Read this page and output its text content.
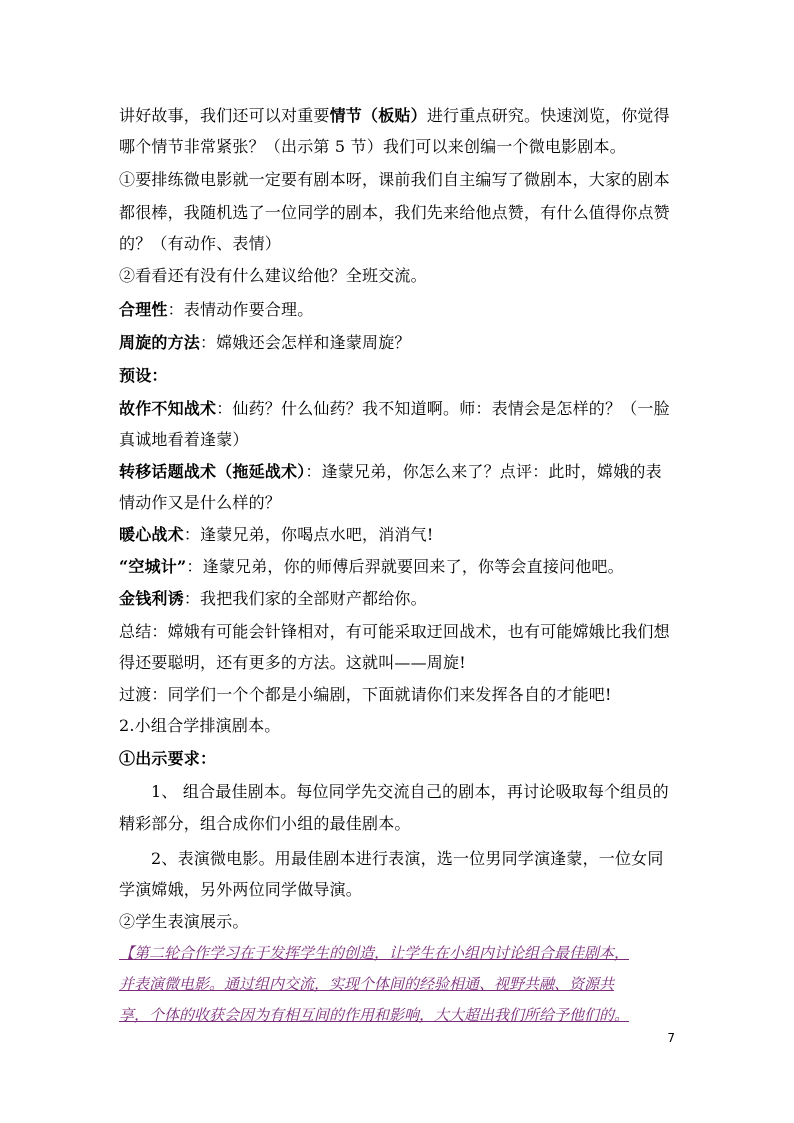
讲好故事，我们还可以对重要情节（板贴）进行重点研究。快速浏览，你觉得
哪个情节非常紧张？（出示第 5 节）我们可以来创编一个微电影剧本。
①要排练微电影就一定要有剧本呀，课前我们自主编写了微剧本，大家的剧本
都很棒，我随机选了一位同学的剧本，我们先来给他点赞，有什么值得你点赞
的？（有动作、表情）
②看看还有没有什么建议给他？全班交流。
合理性：表情动作要合理。
周旋的方法：嫦娥还会怎样和逢蒙周旋？
预设：
故作不知战术：仙药？什么仙药？我不知道啊。师：表情会是怎样的？（一脸
真诚地看着逢蒙）
转移话题战术（拖延战术）：逢蒙兄弟，你怎么来了？点评：此时，嫦娥的表
情动作又是什么样的？
暖心战术：逢蒙兄弟，你喝点水吧，消消气!
“空城计”：逢蒙兄弟，你的师傅后羿就要回来了，你等会直接问他吧。
金钱利诱：我把我们家的全部财产都给你。
总结：嫦娥有可能会针锋相对，有可能采取迂回战术，也有可能嫦娥比我们想
得还要聪明，还有更多的方法。这就叫——周旋!
过渡：同学们一个个都是小编剧，下面就请你们来发挥各自的才能吧!
2.小组合学排演剧本。
①出示要求：
1、 组合最佳剧本。每位同学先交流自己的剧本，再讨论吸取每个组员的
精彩部分，组合成你们小组的最佳剧本。
2、表演微电影。用最佳剧本进行表演，选一位男同学演逢蒙，一位女同
学演嫦娥，另外两位同学做导演。
②学生表演展示。
【第二轮合作学习在于发挥学生的创造，让学生在小组内讨论组合最佳剧本，
并表演微电影。通过组内交流，实现个体间的经验相通、视野共融、资源共
享，个体的收获会因为有相互间的作用和影响，大大超出我们所给予他们的。
7
